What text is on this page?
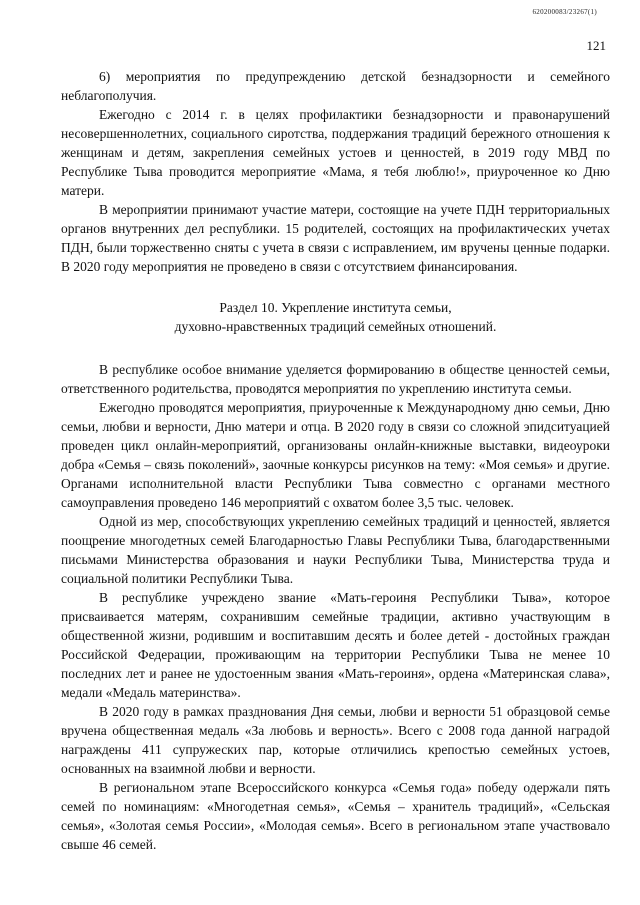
620200083/23267(1)
121

6) мероприятия по предупреждению детской безнадзорности и семейного неблагополучия.

Ежегодно с 2014 г. в целях профилактики безнадзорности и правонарушений несовершеннолетних, социального сиротства, поддержания традиций бережного отношения к женщинам и детям, закрепления семейных устоев и ценностей, в 2019 году МВД по Республике Тыва проводится мероприятие «Мама, я тебя люблю!», приуроченное ко Дню матери.

В мероприятии принимают участие матери, состоящие на учете ПДН территориальных органов внутренних дел республики. 15 родителей, состоящих на профилактических учетах ПДН, были торжественно сняты с учета в связи с исправлением, им вручены ценные подарки. В 2020 году мероприятия не проведено в связи с отсутствием финансирования.

Раздел 10. Укрепление института семьи,
духовно-нравственных традиций семейных отношений.

В республике особое внимание уделяется формированию в обществе ценностей семьи, ответственного родительства, проводятся мероприятия по укреплению института семьи.

Ежегодно проводятся мероприятия, приуроченные к Международному дню семьи, Дню семьи, любви и верности, Дню матери и отца. В 2020 году в связи со сложной эпидситуацией проведен цикл онлайн-мероприятий, организованы онлайн-книжные выставки, видеоуроки добра «Семья – связь поколений», заочные конкурсы рисунков на тему: «Моя семья» и другие. Органами исполнительной власти Республики Тыва совместно с органами местного самоуправления проведено 146 мероприятий с охватом более 3,5 тыс. человек.

Одной из мер, способствующих укреплению семейных традиций и ценностей, является поощрение многодетных семей Благодарностью Главы Республики Тыва, благодарственными письмами Министерства образования и науки Республики Тыва, Министерства труда и социальной политики Республики Тыва.

В республике учреждено звание «Мать-героиня Республики Тыва», которое присваивается матерям, сохранившим семейные традиции, активно участвующим в общественной жизни, родившим и воспитавшим десять и более детей - достойных граждан Российской Федерации, проживающим на территории Республики Тыва не менее 10 последних лет и ранее не удостоенным звания «Мать-героиня», ордена «Материнская слава», медали «Медаль материнства».

В 2020 году в рамках празднования Дня семьи, любви и верности 51 образцовой семье вручена общественная медаль «За любовь и верность». Всего с 2008 года данной наградой награждены 411 супружеских пар, которые отличились крепостью семейных устоев, основанных на взаимной любви и верности.

В региональном этапе Всероссийского конкурса «Семья года» победу одержали пять семей по номинациям: «Многодетная семья», «Семья – хранитель традиций», «Сельская семья», «Золотая семья России», «Молодая семья». Всего в региональном этапе участвовало свыше 46 семей.
